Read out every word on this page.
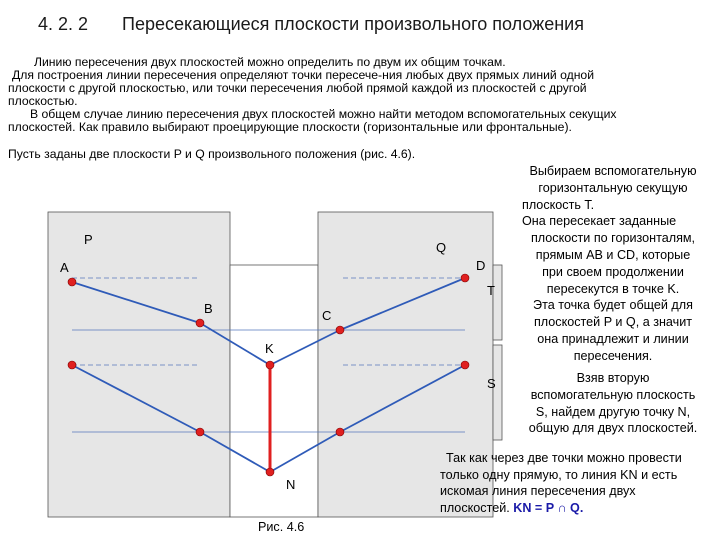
4. 2. 2 Пересекающиеся плоскости произвольного положения
Линию пересечения двух плоскостей можно определить по двум их общим точкам.
Для построения линии пересечения определяют точки пересече-ния любых двух прямых линий одной
плоскости с другой плоскостью, или точки пересечения любой прямой каждой из плоскостей с другой
плоскостью.
В общем случае линию пересечения двух плоскостей можно найти методом вспомогательных секущих
плоскостей. Как правило выбирают проецирующие плоскости (горизонтальные или фронтальные).
Пусть заданы две плоскости P и Q произвольного положения (рис. 4.6).
P
Q
A	D
T
B	C
K
S
N
Рис. 4.6
Выбираем вспомогательную
горизонтальную секущую
плоскость T.
Она пересекает заданные
плоскости по горизонталям,
прямым AB и CD, которые
при своем продолжении
пересекутся в точке K.
Эта точка будет общей для
плоскостей P и Q, а значит
она принадлежит и линии
пересечения.
Взяв вторую
вспомогательную плоскость
S, найдем другую точку N,
общую для двух плоскостей.
Так как через две точки можно провести
только одну прямую, то линия KN и есть
искомая линия пересечения двух
плоскостей. KN = P ∩ Q.
